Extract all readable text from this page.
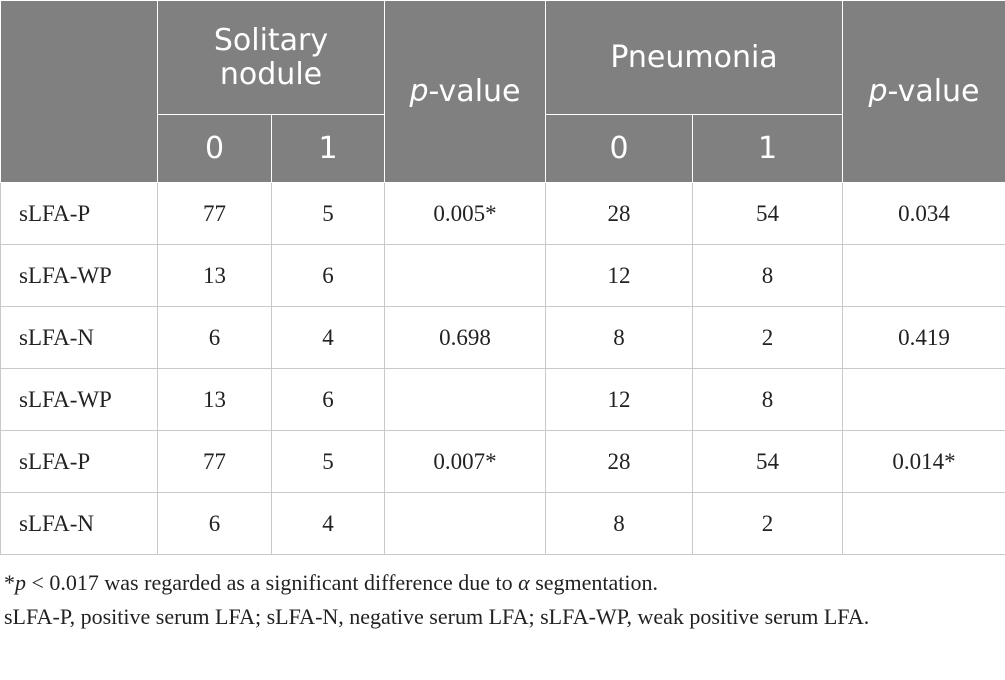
	Solitary nodule		p-value	Pneumonia		p-value
	0	1		0	1	
sLFA-P	77	5	0.005*	28	54	0.034
sLFA-WP	13	6		12	8	
sLFA-N	6	4	0.698	8	2	0.419
sLFA-WP	13	6		12	8	
sLFA-P	77	5	0.007*	28	54	0.014*
sLFA-N	6	4		8	2	

*p < 0.017 was regarded as a significant difference due to α segmentation.

sLFA-P, positive serum LFA; sLFA-N, negative serum LFA; sLFA-WP, weak positive serum LFA.
